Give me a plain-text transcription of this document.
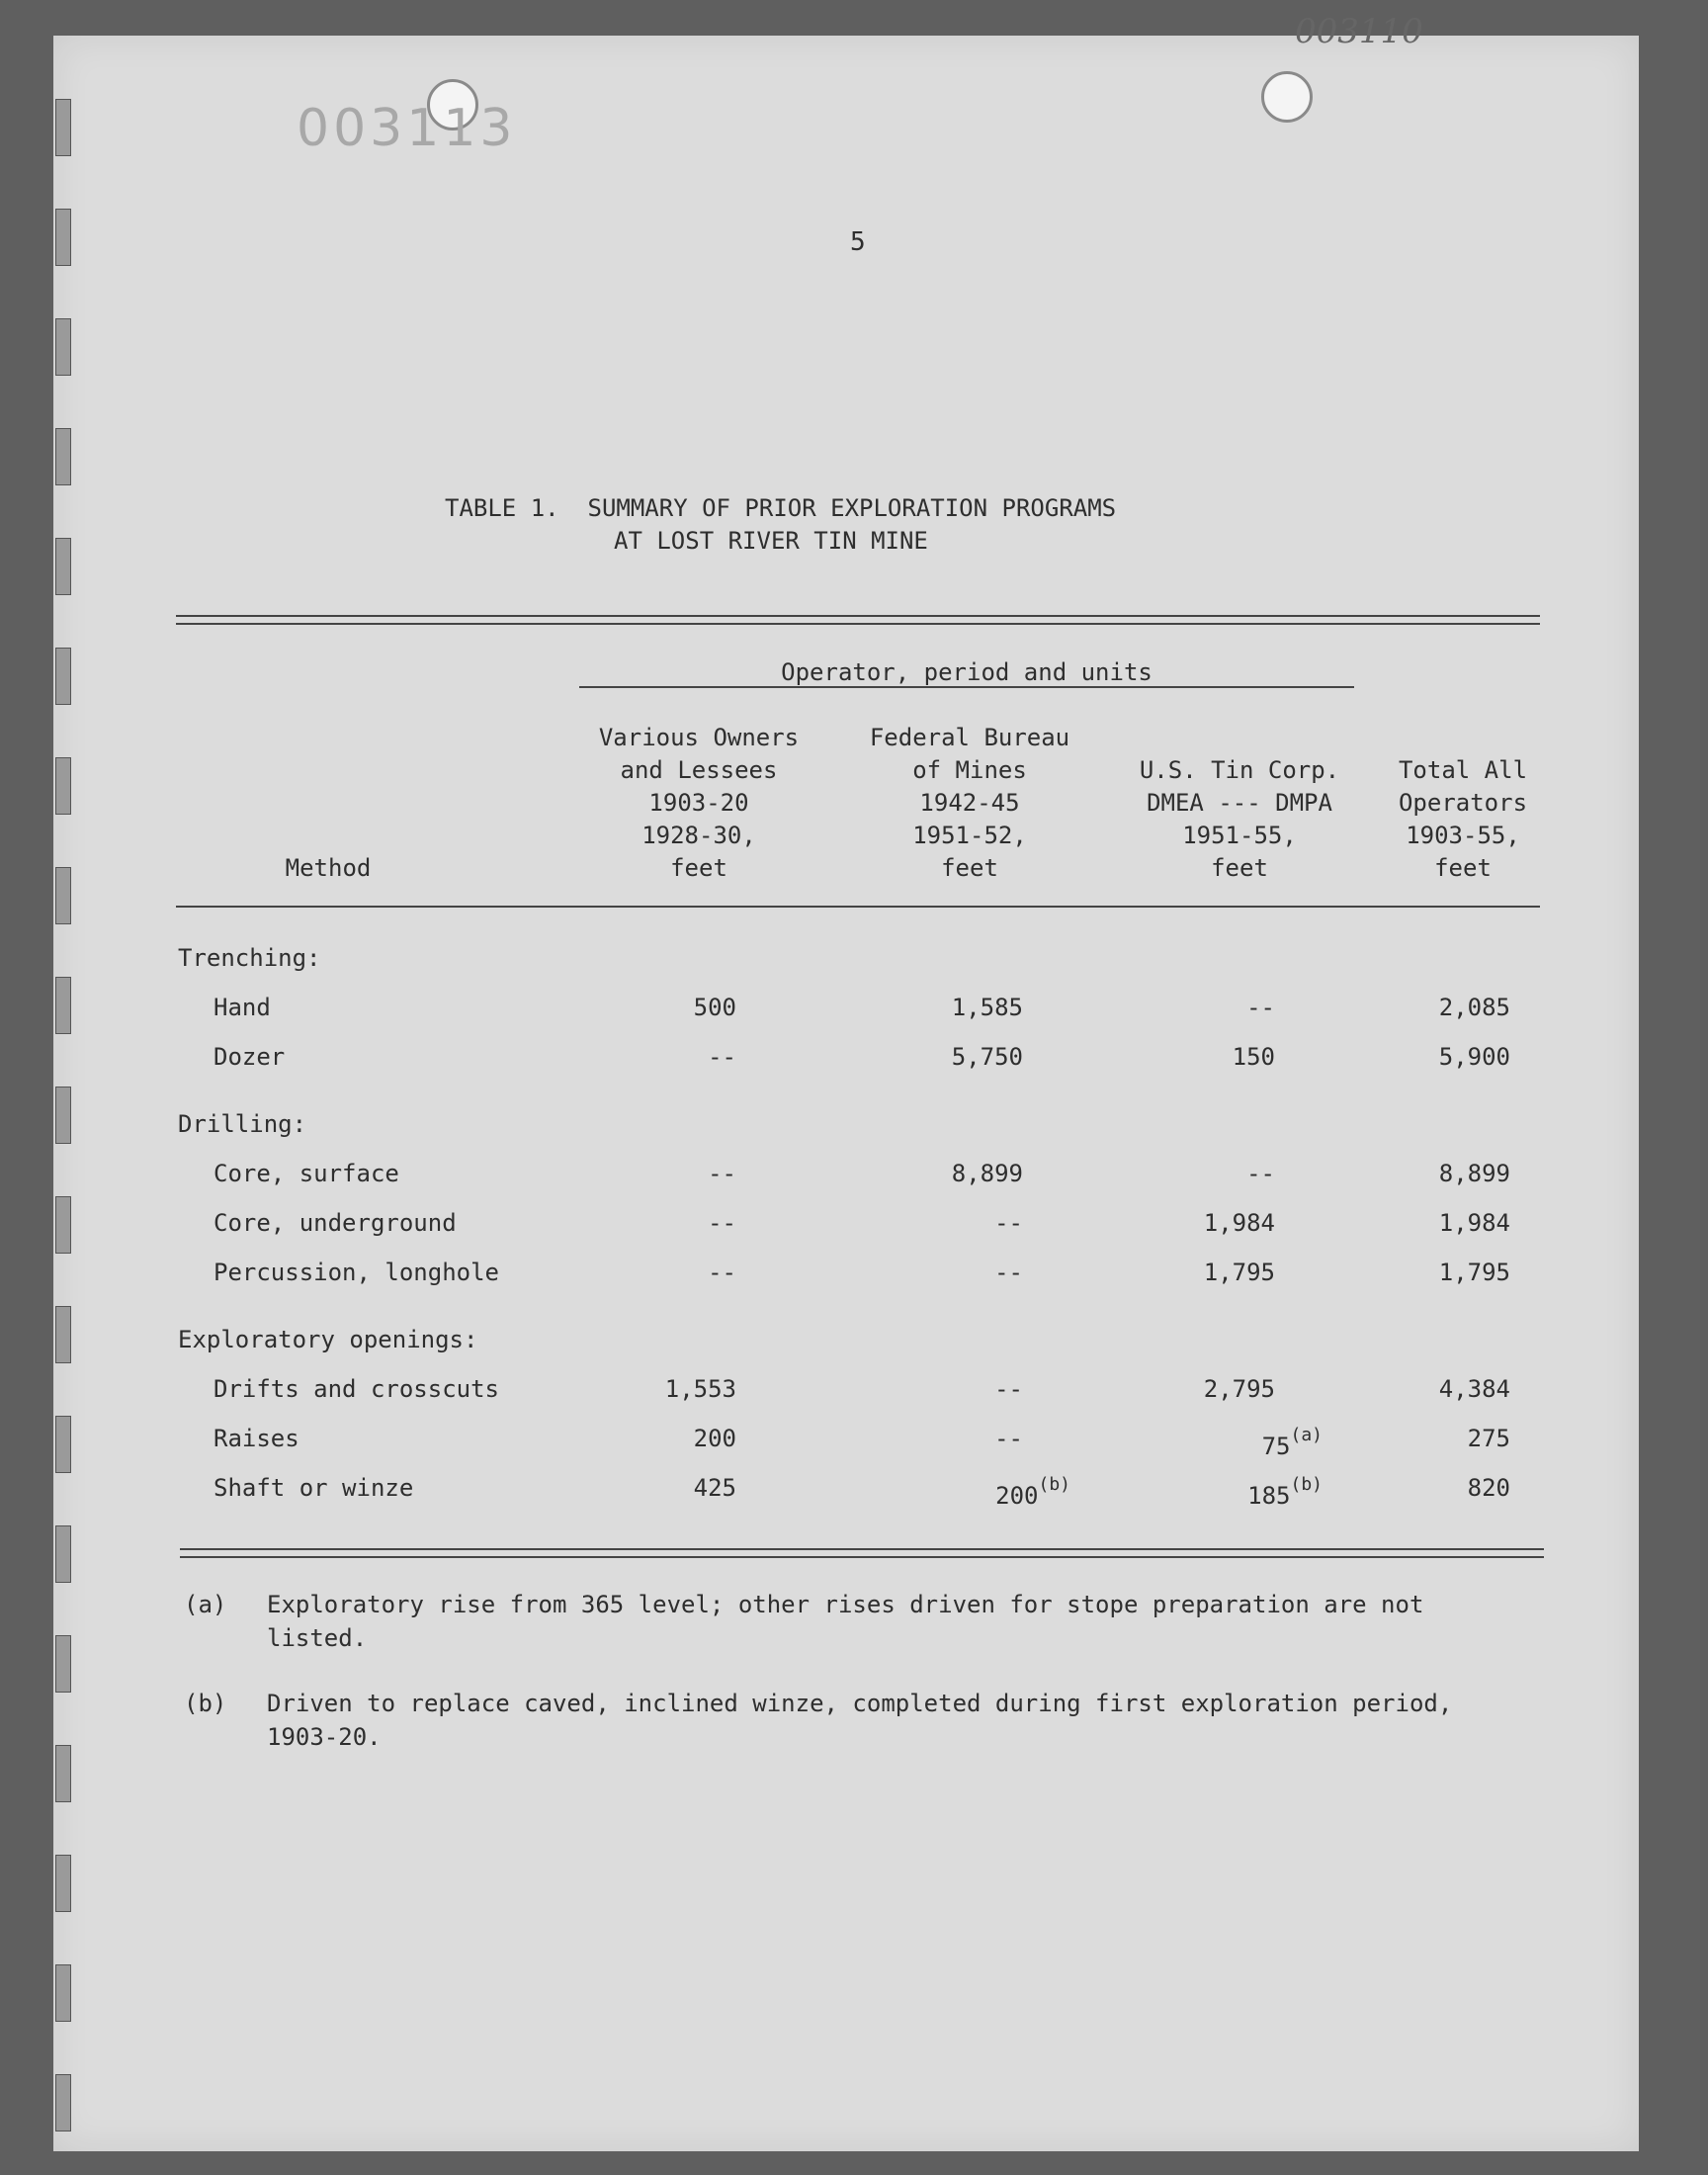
003113
003110
5
TABLE 1.  SUMMARY OF PRIOR EXPLORATION PROGRAMS
AT LOST RIVER TIN MINE
Operator, period and units
Method
Various Owners
and Lessees
1903-20
1928-30,
feet
Federal Bureau
of Mines
1942-45
1951-52,
feet
U.S. Tin Corp.
DMEA --- DMPA
1951-55,
feet
Total All
Operators
1903-55,
feet
Trenching:
Hand	500	1,585	--	2,085
Dozer	--	5,750	150	5,900
Drilling:
Core, surface	--	8,899	--	8,899
Core, underground	--	--	1,984	1,984
Percussion, longhole	--	--	1,795	1,795
Exploratory openings:
Drifts and crosscuts	1,553	--	2,795	4,384
Raises	200	--	75$^{(a)}$	275
Shaft or winze	425	200$^{(b)}$	185$^{(b)}$	820
(a) Exploratory rise from 365 level; other rises driven for stope preparation are not listed.
(b) Driven to replace caved, inclined winze, completed during first exploration period, 1903-20.
